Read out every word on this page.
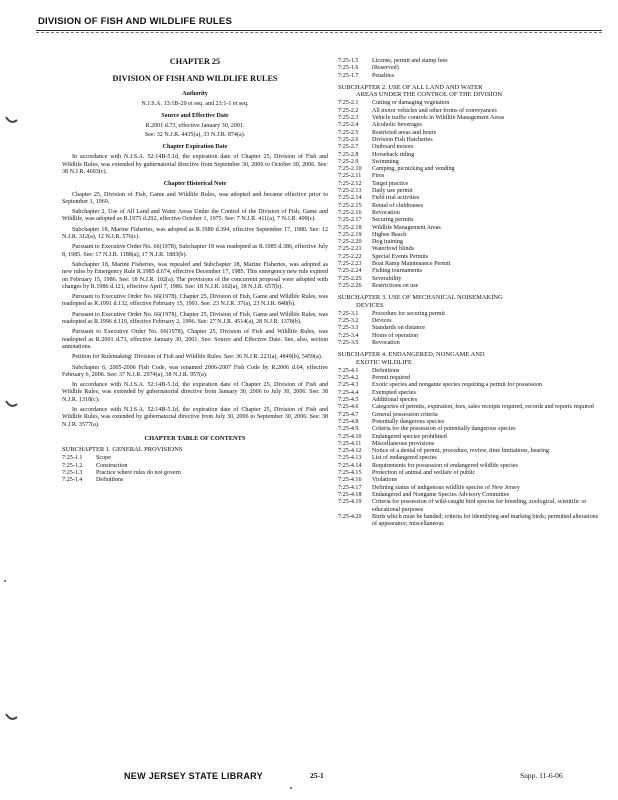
DIVISION OF FISH AND WILDLIFE RULES
CHAPTER 25
DIVISION OF FISH AND WILDLIFE RULES
Authority
N.J.S.A. 13:1B-29 et seq. and 23:1-1 et seq.
Source and Effective Date
R.2001 d.73, effective January 30, 2001.
See: 32 N.J.R. 4435(a), 33 N.J.R. 874(a).
Chapter Expiration Date
In accordance with N.J.S.A. 52:14B-5.1d, the expiration date of Chapter 25, Division of Fish and Wildlife Rules, was extended by gubernatorial directive from September 30, 2006 to October 30, 2006. See: 38 N.J.R. 4693(c).
Chapter Historical Note
Chapter 25, Division of Fish, Game and Wildlife Rules, was adopted and became effective prior to September 1, 1969.
Subchapter 2, Use of All Land and Water Areas Under the Control of the Division of Fish, Game and Wildlife, was adopted as R.1975 d.292, effective October 1, 1975. See: 7 N.J.R. 411(a), 7 N.J.R. 499(c).
Subchapter 18, Marine Fisheries, was adopted as R.1980 d.394, effective September 17, 1980. See: 12 N.J.R. 312(a), 12 N.J.R. 576(c).
Pursuant to Executive Order No. 66(1978), Subchapter 18 was readopted as R.1985 d.386, effective July 8, 1985. See: 17 N.J.R. 1188(a), 17 N.J.R. 1883(b).
Subchapter 18, Marine Fisheries, was repealed and Subchapter 18, Marine Fisheries, was adopted as new rules by Emergency Rule R.1985 d.674, effective December 17, 1985. This emergency new rule expired on February 15, 1986. See: 18 N.J.R. 102(a). The provisions of the concurrent proposal were adopted with changes by R.1986 d.121, effective April 7, 1986. See: 18 N.J.R. 102(a), 18 N.J.R. 657(b).
Pursuant to Executive Order No. 66(1978), Chapter 25, Division of Fish, Game and Wildlife Rules, was readopted as R.1991 d.132, effective February 15, 1991. See: 23 N.J.R. 37(a), 23 N.J.R. 848(b).
Pursuant to Executive Order No. 66(1978), Chapter 25, Division of Fish, Game and Wildlife Rules, was readopted as R.1996 d.119, effective February 2, 1996. See: 27 N.J.R. 4514(a), 28 N.J.R. 1378(b).
Pursuant to Executive Order No. 66(1978), Chapter 25, Division of Fish and Wildlife Rules, was readopted as R.2001 d.73, effective January 30, 2001. See: Source and Effective Date. See, also, section annotations.
Petition for Rulemaking: Division of Fish and Wildlife Rules. See: 36 N.J.R. 221(a), 4849(b), 5459(a).
Subchapter 6, 2005-2006 Fish Code, was renamed 2006-2007 Fish Code by R.2006 d.64, effective February 6, 2006. See: 37 N.J.R. 2974(a), 38 N.J.R. 957(a).
In accordance with N.J.S.A. 52:14B-5.1d, the expiration date of Chapter 25, Division of Fish and Wildlife Rules, was extended by gubernatorial directive from January 30, 2006 to July 30, 2006. See: 38 N.J.R. 1318(c).
In accordance with N.J.S.A. 52:14B-5.1d, the expiration date of Chapter 25, Division of Fish and Wildlife Rules, was extended by gubernatorial directive from July 30, 2006 to September 30, 2006. See: 38 N.J.R. 3577(a).
CHAPTER TABLE OF CONTENTS
SUBCHAPTER 1. GENERAL PROVISIONS
7:25-1.1	Scope
7:25-1.2	Construction
7:25-1.3	Practice where rules do not govern
7:25-1.4	Definitions
7:25-1.5	License, permit and stamp fees
7:25-1.6	(Reserved)
7:25-1.7	Penalties
SUBCHAPTER 2. USE OF ALL LAND AND WATER
AREAS UNDER THE CONTROL OF THE DIVISION
7:25-2.1	Cutting or damaging vegetation
7:25-2.2	All motor vehicles and other forms of conveyances
7:25-2.3	Vehicle traffic controls in Wildlife Management Areas
7:25-2.4	Alcoholic beverages
7:25-2.5	Restricted areas and hours
7:25-2.6	Division Fish Hatcheries
7:25-2.7	Outboard motors
7:25-2.8	Horseback riding
7:25-2.9	Swimming
7:25-2.10	Camping, picnicking and vending
7:25-2.11	Fires
7:25-2.12	Target practice
7:25-2.13	Daily use permit
7:25-2.14	Field trial activities
7:25-2.15	Rental of clubhouses
7:25-2.16	Revocation
7:25-2.17	Securing permits
7:25-2.18	Wildlife Management Areas
7:25-2.19	Higbee Beach
7:25-2.20	Dog training
7:25-2.21	Waterfowl blinds
7:25-2.22	Special Events Permits
7:25-2.23	Boat Ramp Maintenance Permit
7:25-2.24	Fishing tournaments
7:25-2.25	Severability
7:25-2.26	Restrictions on use
SUBCHAPTER 3. USE OF MECHANICAL NOISEMAKING
DEVICES
7:25-3.1	Procedure for securing permit
7:25-3.2	Devices
7:25-3.3	Standards on distance
7:25-3.4	Hours of operation
7:25-3.5	Revocation
SUBCHAPTER 4. ENDANGERED, NONGAME AND
EXOTIC WILDLIFE
7:25-4.1	Definitions
7:25-4.2	Permit required
7:25-4.3	Exotic species and nongame species requiring a permit for possession
7:25-4.4	Exempted species
7:25-4.5	Additional species
7:25-4.6	Categories of permits, expiration, fees, sales receipts required, records and reports required
7:25-4.7	General possession criteria
7:25-4.8	Potentially dangerous species
7:25-4.9	Criteria for the possession of potentially dangerous species
7:25-4.10	Endangered species prohibited
7:25-4.11	Miscellaneous provisions
7:25-4.12	Notice of a denial of permit, procedure, review, time limitations, hearing
7:25-4.13	List of endangered species
7:25-4.14	Requirements for possession of endangered wildlife species
7:25-4.15	Protection of animal and welfare of public
7:25-4.16	Violations
7:25-4.17	Defining status of indigenous wildlife species of New Jersey
7:25-4.18	Endangered and Nongame Species Advisory Committee
7:25-4.19	Criteria for possession of wild-caught bird species for breeding, zoological, scientific or educational purposes
7:25-4.20	Birds which must be banded; criteria for identifying and marking birds; permitted alterations of appearance; miscellaneous
NEW JERSEY STATE LIBRARY	25-1	Supp. 11-6-06
